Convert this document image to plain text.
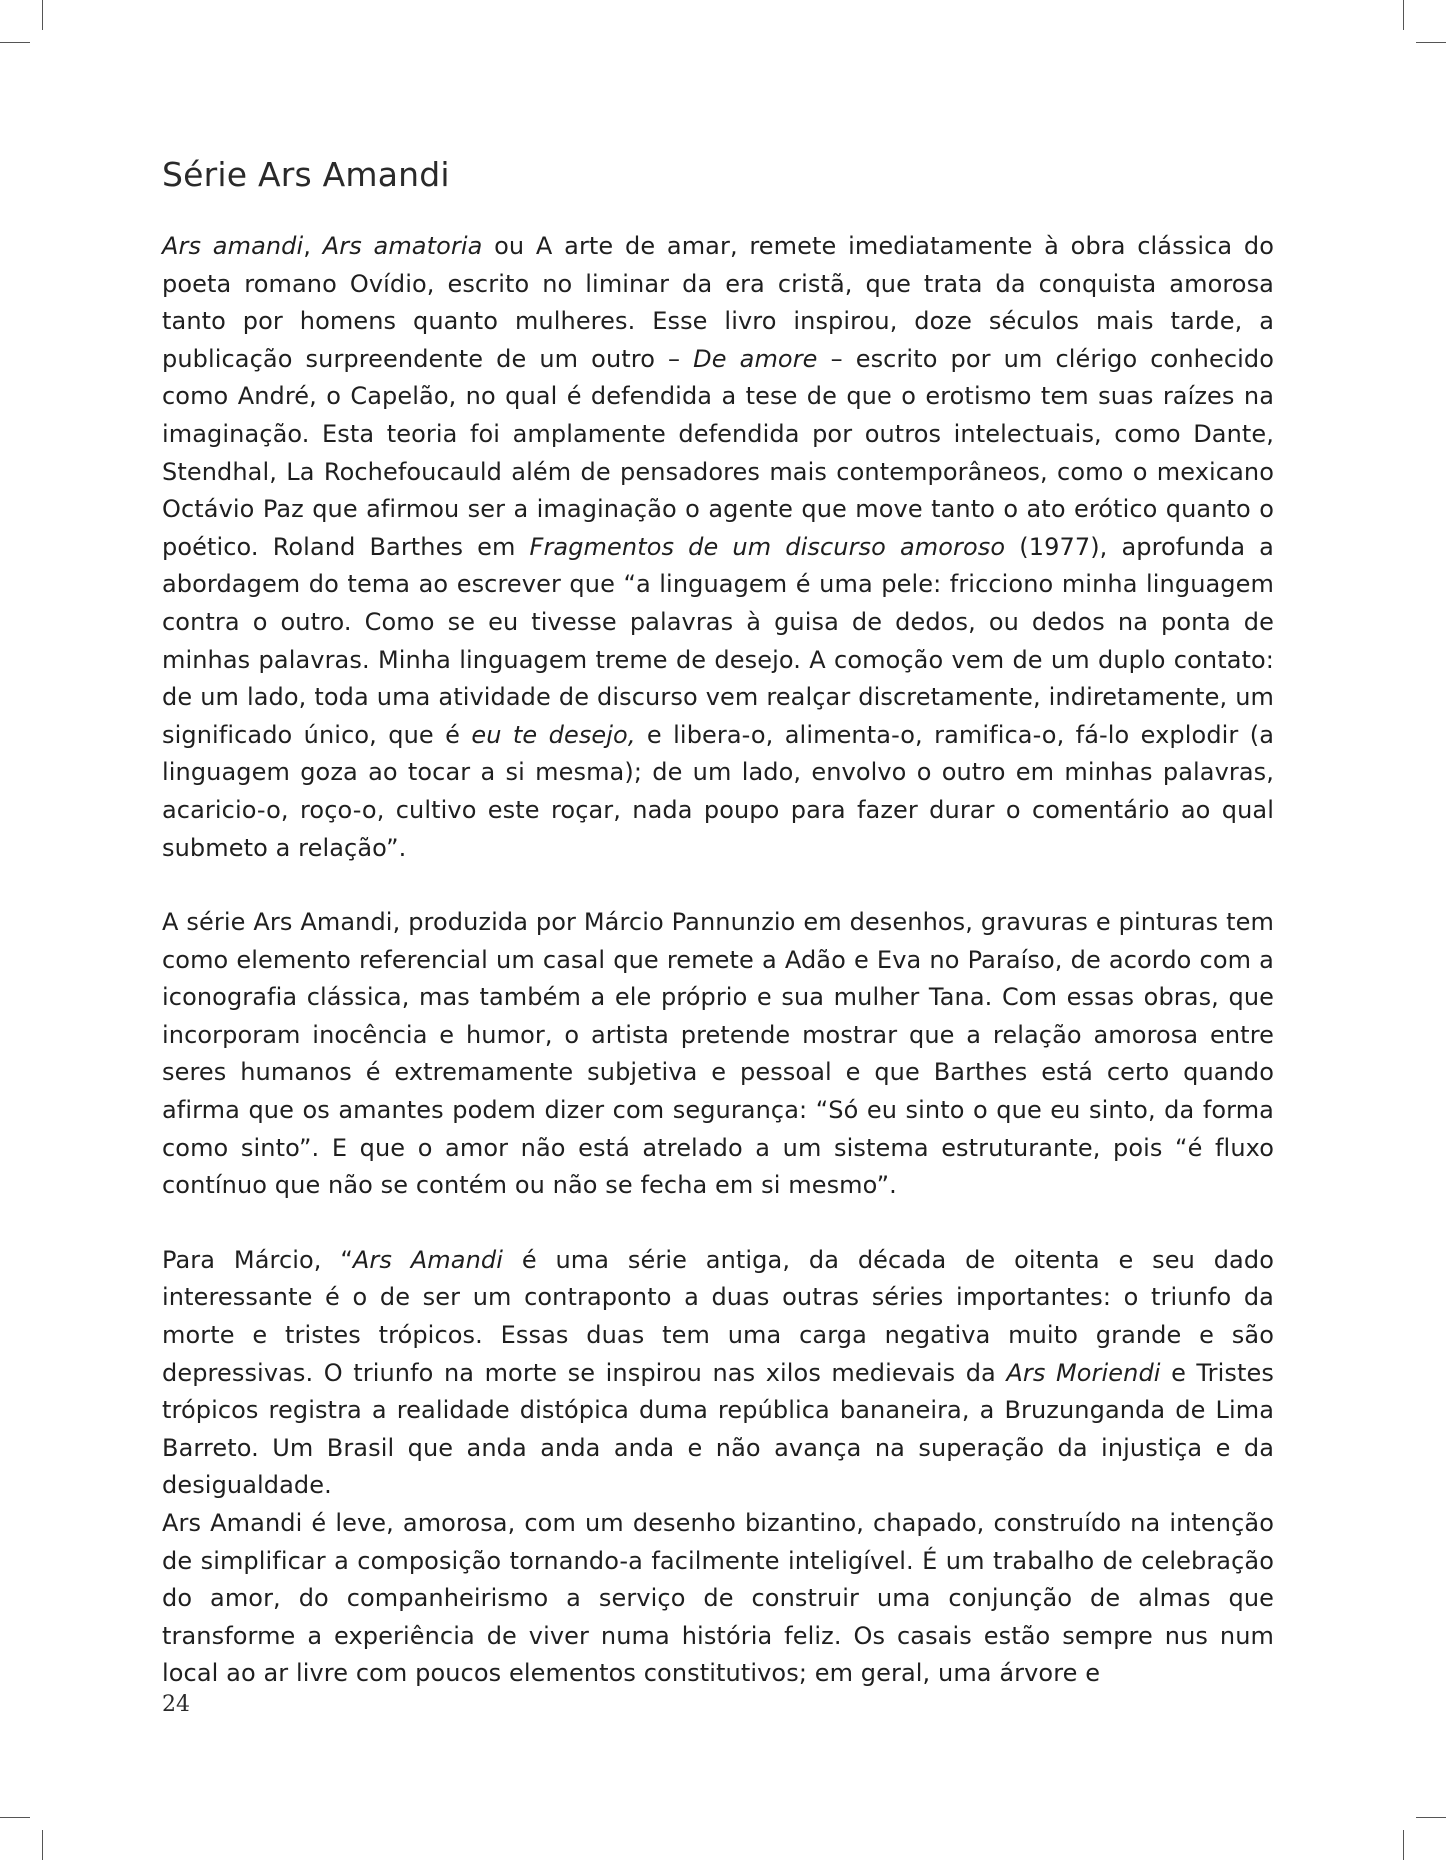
Série Ars Amandi

Ars amandi, Ars amatoria ou A arte de amar, remete imediatamente à obra clássica do poeta romano Ovídio, escrito no liminar da era cristã, que trata da conquista amorosa tanto por homens quanto mulheres. Esse livro inspirou, doze séculos mais tarde, a publicação surpreendente de um outro – De amore – escrito por um clérigo conhecido como André, o Capelão, no qual é defendida a tese de que o erotismo tem suas raízes na imaginação. Esta teoria foi amplamente defendida por outros intelectuais, como Dante, Stendhal, La Rochefoucauld além de pensadores mais contemporâneos, como o mexicano Octávio Paz que afirmou ser a imaginação o agente que move tanto o ato erótico quanto o poético. Roland Barthes em Fragmentos de um discurso amoroso (1977), aprofunda a abordagem do tema ao escrever que “a linguagem é uma pele: fricciono minha linguagem contra o outro. Como se eu tivesse palavras à guisa de dedos, ou dedos na ponta de minhas palavras. Minha linguagem treme de desejo. A comoção vem de um duplo contato: de um lado, toda uma atividade de discurso vem realçar discretamente, indiretamente, um significado único, que é eu te desejo, e libera-o, alimenta-o, ramifica-o, fá-lo explodir (a linguagem goza ao tocar a si mesma); de um lado, envolvo o outro em minhas palavras, acaricio-o, roço-o, cultivo este roçar, nada poupo para fazer durar o comentário ao qual submeto a relação”.

A série Ars Amandi, produzida por Márcio Pannunzio em desenhos, gravuras e pinturas tem como elemento referencial um casal que remete a Adão e Eva no Paraíso, de acordo com a iconografia clássica, mas também a ele próprio e sua mulher Tana. Com essas obras, que incorporam inocência e humor, o artista pretende mostrar que a relação amorosa entre seres humanos é extremamente subjetiva e pessoal e que Barthes está certo quando afirma que os amantes podem dizer com segurança: “Só eu sinto o que eu sinto, da forma como sinto”. E que o amor não está atrelado a um sistema estruturante, pois “é fluxo contínuo que não se contém ou não se fecha em si mesmo”.

Para Márcio, “Ars Amandi é uma série antiga, da década de oitenta e seu dado interessante é o de ser um contraponto a duas outras séries importantes: o triunfo da morte e tristes trópicos. Essas duas tem uma carga negativa muito grande e são depressivas. O triunfo na morte se inspirou nas xilos medievais da Ars Moriendi e Tristes trópicos registra a realidade distópica duma república bananeira, a Bruzunganda de Lima Barreto. Um Brasil que anda anda anda e não avança na superação da injustiça e da desigualdade.

Ars Amandi é leve, amorosa, com um desenho bizantino, chapado, construído na intenção de simplificar a composição tornando-a facilmente inteligível. É um trabalho de celebração do amor, do companheirismo a serviço de construir uma conjunção de almas que transforme a experiência de viver numa história feliz. Os casais estão sempre nus num local ao ar livre com poucos elementos constitutivos; em geral, uma árvore e

24
